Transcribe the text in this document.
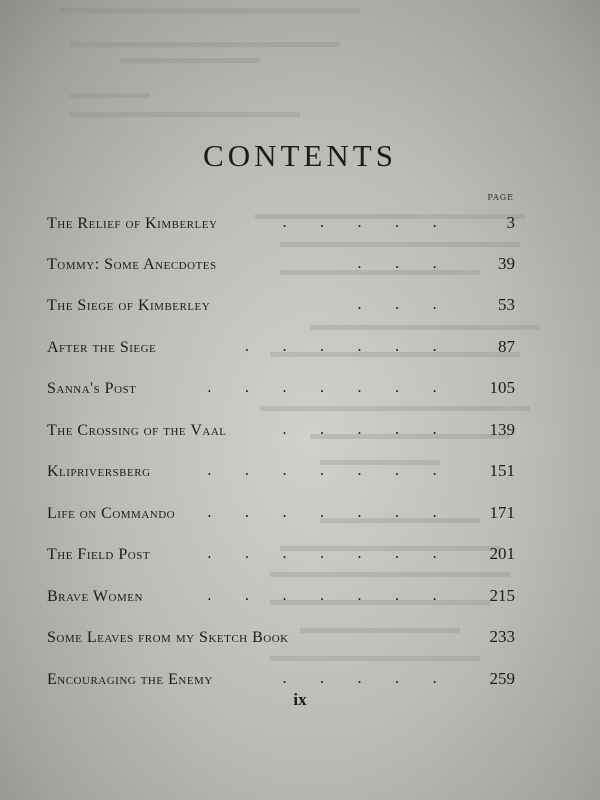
CONTENTS
PAGE
The Relief of Kimberley	. . . . .	3
Tommy: Some Anecdotes	. . .	39
The Siege of Kimberley	. . .	53
After the Siege	. . . . . .	87
Sanna's Post	. . . . . . . 105
The Crossing of the Vaal	. . . . . 139
Klipriversberg	. . . . . . . 151
Life on Commando . . . . . . . 171
The Field Post	. . . . . . . 201
Brave Women	. . . . . . . 215
Some Leaves from my Sketch Book	233
Encouraging the Enemy	. . . . . 259
ix
